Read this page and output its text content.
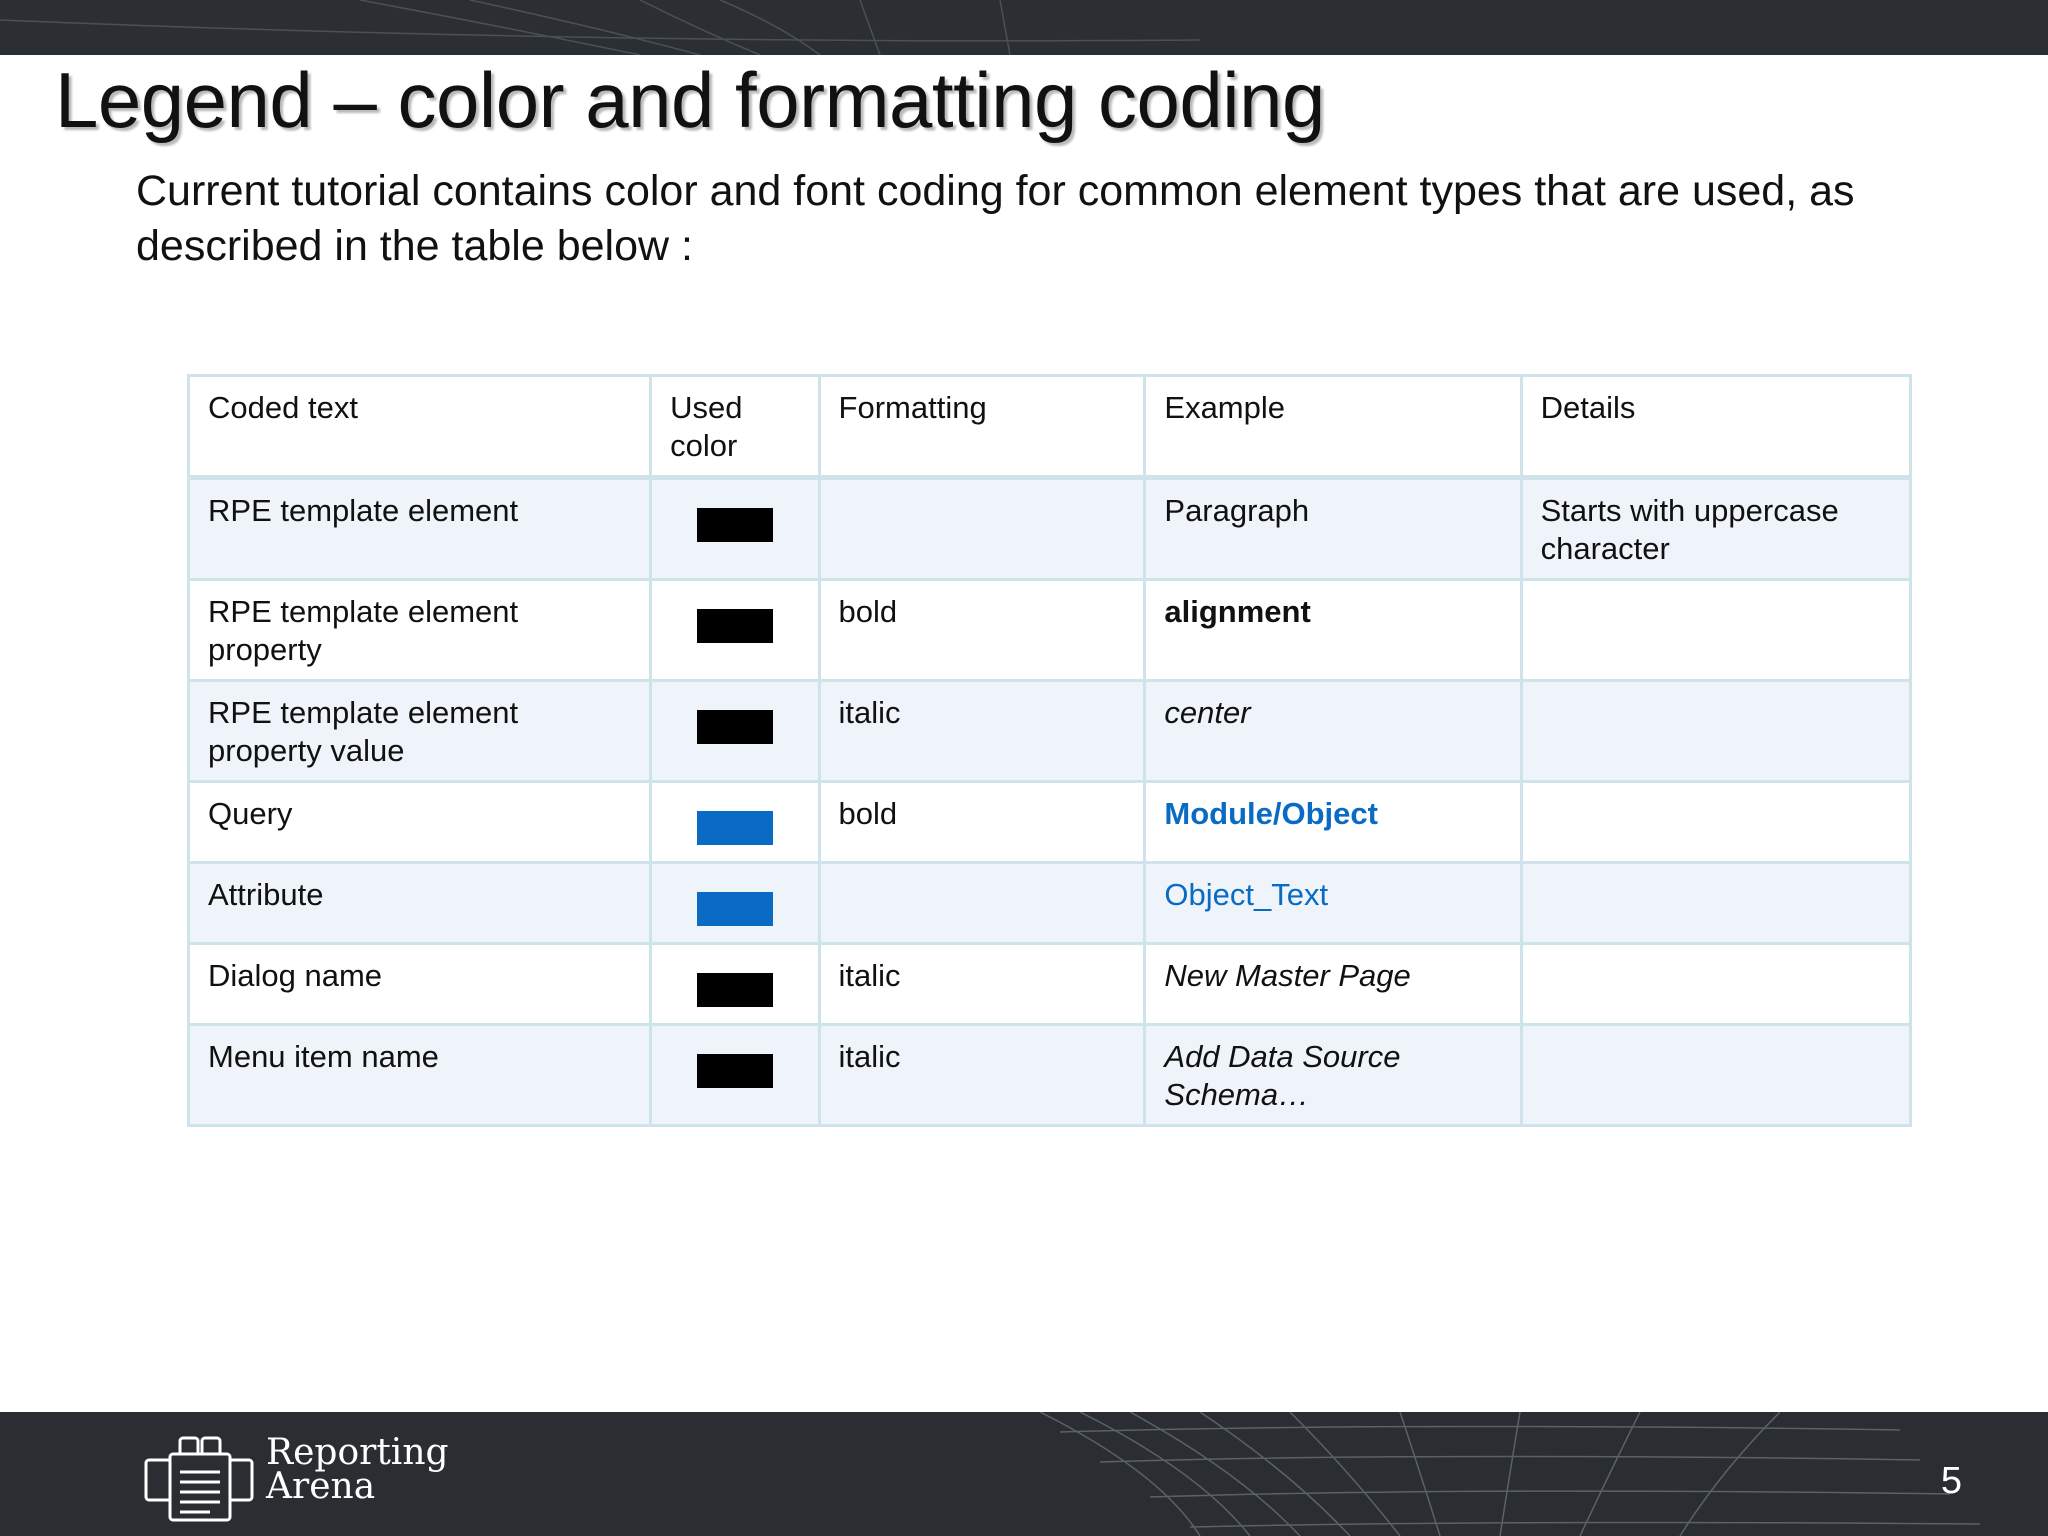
Legend – color and formatting coding
Current tutorial contains color and font coding for common element types that are used, as described in the table below :
Coded text	Used color	Formatting	Example	Details
RPE template element			Paragraph	Starts with uppercase character
RPE template element property		bold	alignment	
RPE template element property value		italic	center	
Query		bold	Module/Object	
Attribute			Object_Text	
Dialog name		italic	New Master Page	
Menu item name		italic	Add Data Source Schema…	
Reporting
Arena	5
